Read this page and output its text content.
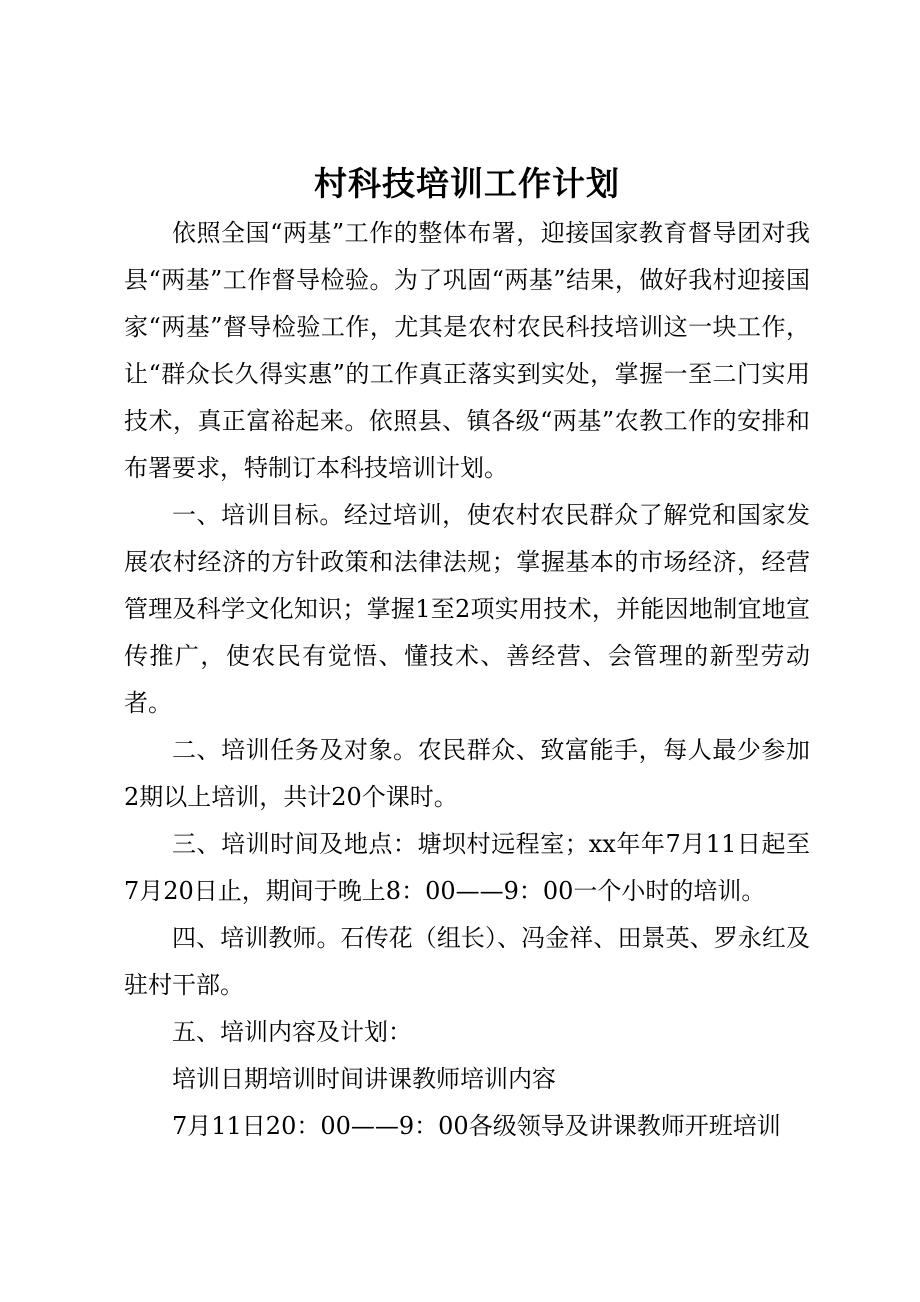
村科技培训工作计划

依照全国“两基”工作的整体布署，迎接国家教育督导团对我县“两基”工作督导检验。为了巩固“两基”结果，做好我村迎接国家“两基”督导检验工作，尤其是农村农民科技培训这一块工作，让“群众长久得实惠”的工作真正落实到实处，掌握一至二门实用技术，真正富裕起来。依照县、镇各级“两基”农教工作的安排和布署要求，特制订本科技培训计划。

一、培训目标。经过培训，使农村农民群众了解党和国家发展农村经济的方针政策和法律法规；掌握基本的市场经济，经营管理及科学文化知识；掌握1至2项实用技术，并能因地制宜地宣传推广，使农民有觉悟、懂技术、善经营、会管理的新型劳动者。

二、培训任务及对象。农民群众、致富能手，每人最少参加2期以上培训，共计20个课时。

三、培训时间及地点：塘坝村远程室；xx年年7月11日起至7月20日止，期间于晚上8：00——9：00一个小时的培训。

四、培训教师。石传花（组长）、冯金祥、田景英、罗永红及驻村干部。

五、培训内容及计划：

培训日期培训时间讲课教师培训内容

7月11日20：00——9：00各级领导及讲课教师开班培训
